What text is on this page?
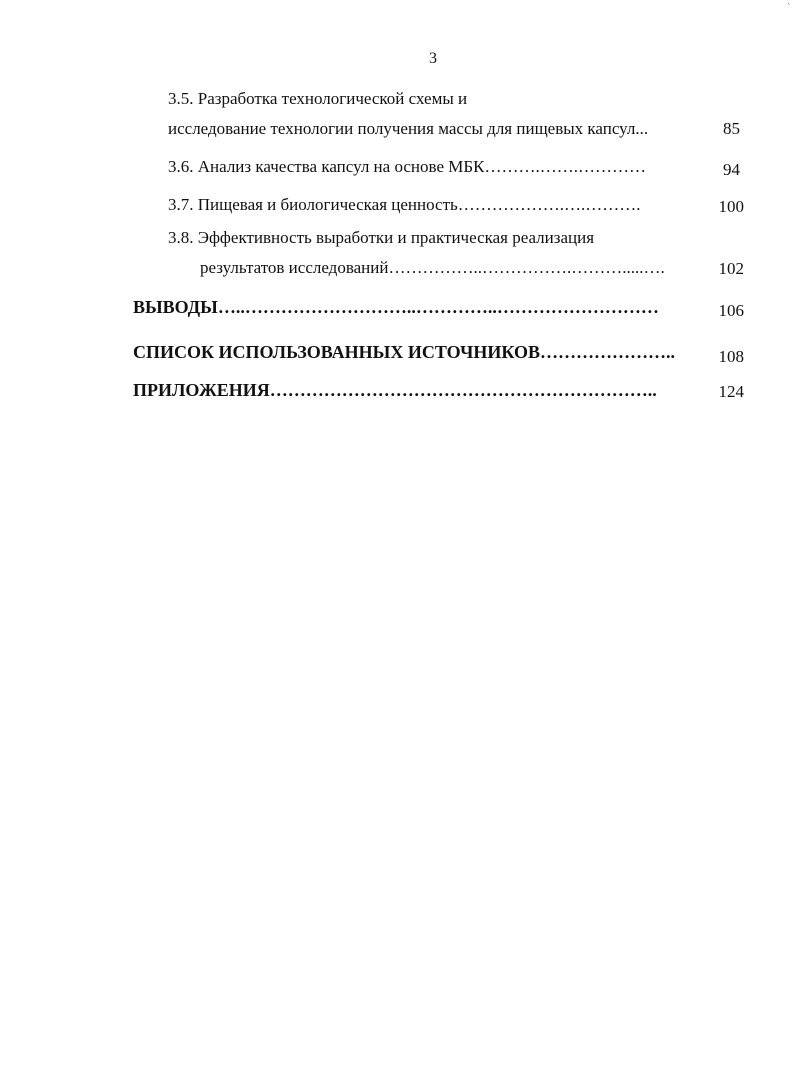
3
3.5. Разработка технологической схемы и
исследование технологии получения массы для пищевых капсул...	85
3.6. Анализ качества капсул на основе МБК……….…….…………	94
3.7. Пищевая и биологическая ценность……………….….……….	100
3.8. Эффективность выработки и практическая реализация
результатов исследований……………..…………….……….....….	102
ВЫВОДЫ…..………………………..…………..………………………	106
СПИСОК ИСПОЛЬЗОВАННЫХ ИСТОЧНИКОВ…………………..	108
ПРИЛОЖЕНИЯ………………………………………………………..	124
`
